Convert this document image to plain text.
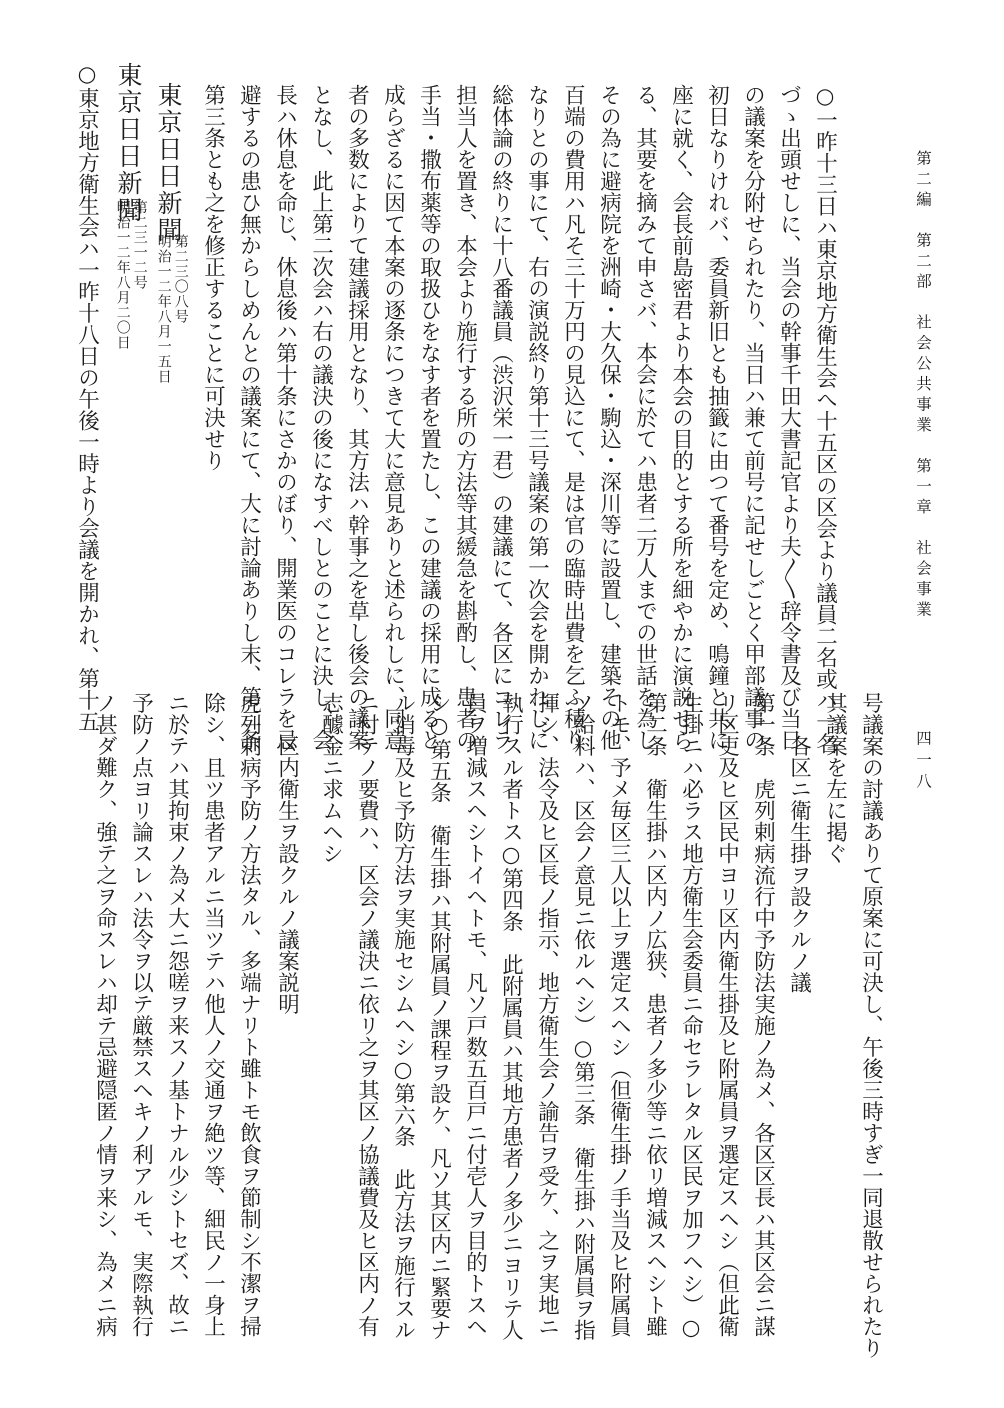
第二編　第二部　社会公共事業　第一章　社会事業
四一八
東京日日新聞
第二三〇八号
明治一二年八月一五日	○一昨十三日ハ東京地方衛生会へ十五区の区会より議員二名或ハ一名
づゝ出頭せしに、当会の幹事千田大書記官より夫〳〵辞令書及び当日
の議案を分附せられたり、当日ハ兼て前号に記せしごとく甲部議事の
初日なりけれバ、委員新旧とも抽籤に由つて番号を定め、鳴鐘と共に
座に就く、会長前島密君より本会の目的とする所を細やかに演説せら
る、其要を摘みて申さバ、本会に於てハ患者二万人までの世話を為し
その為に避病院を洲崎・大久保・駒込・深川等に設置し、建築その他
百端の費用ハ凡そ三十万円の見込にて、是は官の臨時出費を乞ふ積り
なりとの事にて、右の演説終り第十三号議案の第一次会を開かれしに
総体論の終りに十八番議員（渋沢栄一君）の建議にて、各区にコレラ
担当人を置き、本会より施行する所の方法等其緩急を斟酌し、患者の
手当・撒布薬等の取扱ひをなす者を置たし、この建議の採用に成ると
成らざるに因て本案の逐条につきて大に意見ありと述られしに、同意
者の多数によりて建議採用となり、其方法ハ幹事之を草し後会の議案
となし、此上第二次会ハ右の議決の後になすべしとのことに決し、会
長ハ休息を命じ、休息後ハ第十条にさかのぼり、開業医のコレラを忌
避するの患ひ無からしめんとの議案にて、大に討論ありし末、第二条
第三条とも之を修正することに可決せり
東京日日新聞
第二三一二号
明治一二年八月二〇日
○東京地方衛生会ハ一昨十八日の午後一時より会議を開かれ、第十五
号議案の討議ありて原案に可決し、午後三時すぎ一同退散せられたり
其議案を左に掲ぐ
各区ニ衛生掛ヲ設クルノ議
第一条　虎列剌病流行中予防法実施ノ為メ、各区区長ハ其区会ニ謀
リ区吏及ヒ区民中ヨリ区内衛生掛及ヒ附属員ヲ選定スヘシ（但此衛
生掛ニハ必ラス地方衛生会委員ニ命セラレタル区民ヲ加フヘシ）○
第二条　衛生掛ハ区内ノ広狭、患者ノ多少等ニ依リ増減スヘシト雖
トモ、予メ毎区三人以上ヲ選定スヘシ（但衛生掛ノ手当及ヒ附属員
ノ給料ハ、区会ノ意見ニ依ルヘシ）○第三条　衛生掛ハ附属員ヲ指
揮シ、法令及ヒ区長ノ指示、地方衛生会ノ諭告ヲ受ケ、之ヲ実地ニ
執行スル者トス○第四条　此附属員ハ其地方患者ノ多少ニヨリテ人
員ヲ増減スヘシトイヘトモ、凡ソ戸数五百戸ニ付壱人ヲ目的トスヘ
シ○第五条　衛生掛ハ其附属員ノ課程ヲ設ケ、凡ソ其区内ニ緊要ナ
ル消毒及ヒ予防方法ヲ実施セシムヘシ○第六条　此方法ヲ施行スル
ニ付テノ要費ハ、区会ノ議決ニ依リ之ヲ其区ノ協議費及ヒ区内ノ有
志醵金ニ求ムヘシ
区内衛生ヲ設クルノ議案説明
虎列剌病予防ノ方法タル、多端ナリト雖トモ飲食ヲ節制シ不潔ヲ掃
除シ、且ツ患者アルニ当ツテハ他人ノ交通ヲ絶ツ等、細民ノ一身上
ニ於テハ其拘束ノ為メ大ニ怨嗟ヲ来スノ基トナル少シトセズ、故ニ
予防ノ点ヨリ論スレハ法令ヲ以テ厳禁スヘキノ利アルモ、実際執行
ノ甚ダ難ク、強テ之ヲ命スレハ却テ忌避隠匿ノ情ヲ来シ、為メニ病
